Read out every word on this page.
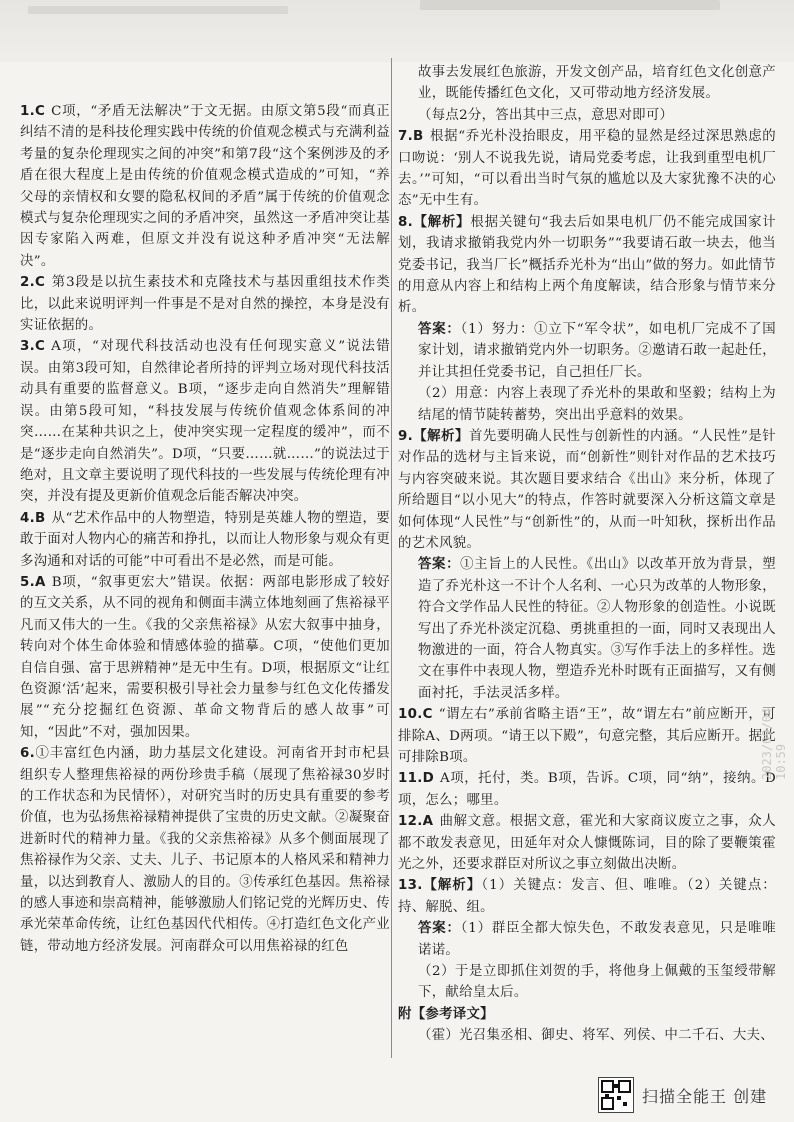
1.C C项，“矛盾无法解决”于文无据。由原文第5段“而真正纠结不清的是科技伦理实践中传统的价值观念模式与充满利益考量的复杂伦理现实之间的冲突”和第7段“这个案例涉及的矛盾在很大程度上是由传统的价值观念模式造成的”可知，“养父母的亲情权和女婴的隐私权间的矛盾”属于传统的价值观念模式与复杂伦理现实之间的矛盾冲突，虽然这一矛盾冲突让基因专家陷入两难，但原文并没有说这种矛盾冲突“无法解决”。

2.C 第3段是以抗生素技术和克隆技术与基因重组技术作类比，以此来说明评判一件事是不是对自然的操控，本身是没有实证依据的。

3.C A项，“对现代科技活动也没有任何现实意义”说法错误。由第3段可知，自然律论者所持的评判立场对现代科技活动具有重要的监督意义。B项，“逐步走向自然消失”理解错误。由第5段可知，“科技发展与传统价值观念体系间的冲突……在某种共识之上，使冲突实现一定程度的缓冲”，而不是“逐步走向自然消失”。D项，“只要……就……”的说法过于绝对，且文章主要说明了现代科技的一些发展与传统伦理有冲突，并没有提及更新价值观念后能否解决冲突。

4.B 从“艺术作品中的人物塑造，特别是英雄人物的塑造，要敢于面对人物内心的痛苦和挣扎，以而让人物形象与观众有更多沟通和对话的可能”中可看出不是必然，而是可能。

5.A B项，“叙事更宏大”错误。依据：两部电影形成了较好的互文关系，从不同的视角和侧面丰满立体地刻画了焦裕禄平凡而又伟大的一生。《我的父亲焦裕禄》从宏大叙事中抽身，转向对个体生命体验和情感体验的描摹。C项，“使他们更加自信自强、富于思辨精神”是无中生有。D项，根据原文“让红色资源‘活’起来，需要积极引导社会力量参与红色文化传播发展”“充分挖掘红色资源、革命文物背后的感人故事”可知，“因此”不对，强加因果。

6.①丰富红色内涵，助力基层文化建设。河南省开封市杞县组织专人整理焦裕禄的两份珍贵手稿（展现了焦裕禄30岁时的工作状态和为民情怀），对研究当时的历史具有重要的参考价值，也为弘扬焦裕禄精神提供了宝贵的历史文献。②凝聚奋进新时代的精神力量。《我的父亲焦裕禄》从多个侧面展现了焦裕禄作为父亲、丈夫、儿子、书记原本的人格风采和精神力量，以达到教育人、激励人的目的。③传承红色基因。焦裕禄的感人事迹和崇高精神，能够激励人们铭记党的光辉历史、传承光荣革命传统，让红色基因代代相传。④打造红色文化产业链，带动地方经济发展。河南群众可以用焦裕禄的红色

故事去发展红色旅游，开发文创产品，培育红色文化创意产业，既能传播红色文化，又可带动地方经济发展。

（每点2分，答出其中三点，意思对即可）

7.B 根据“乔光朴没抬眼皮，用平稳的显然是经过深思熟虑的口吻说：‘别人不说我先说，请局党委考虑，让我到重型电机厂去。’”可知，“可以看出当时气氛的尴尬以及大家犹豫不决的心态”无中生有。

8.【解析】根据关键句“我去后如果电机厂仍不能完成国家计划，我请求撤销我党内外一切职务”“我要请石敢一块去，他当党委书记，我当厂长”概括乔光朴为“出山”做的努力。如此情节的用意从内容上和结构上两个角度解读，结合形象与情节来分析。

答案：（1）努力：①立下“军令状”，如电机厂完成不了国家计划，请求撤销党内外一切职务。②邀请石敢一起赴任，并让其担任党委书记，自己担任厂长。

（2）用意：内容上表现了乔光朴的果敢和坚毅；结构上为结尾的情节陡转蓄势，突出出乎意料的效果。

9.【解析】首先要明确人民性与创新性的内涵。“人民性”是针对作品的选材与主旨来说，而“创新性”则针对作品的艺术技巧与内容突破来说。其次题目要求结合《出山》来分析，体现了所给题目“以小见大”的特点，作答时就要深入分析这篇文章是如何体现“人民性”与“创新性”的，从而一叶知秋，探析出作品的艺术风貌。

答案：①主旨上的人民性。《出山》以改革开放为背景，塑造了乔光朴这一不计个人名利、一心只为改革的人物形象，符合文学作品人民性的特征。②人物形象的创造性。小说既写出了乔光朴淡定沉稳、勇挑重担的一面，同时又表现出人物激进的一面，符合人物真实。③写作手法上的多样性。选文在事件中表现人物，塑造乔光朴时既有正面描写，又有侧面衬托，手法灵活多样。

10.C “谓左右”承前省略主语“王”，故“谓左右”前应断开，可排除A、D两项。“请王以下殿”，句意完整，其后应断开。据此可排除B项。

11.D A项，托付，类。B项，告诉。C项，同“纳”，接纳。D项，怎么；哪里。

12.A 曲解文意。根据文意，霍光和大家商议废立之事，众人都不敢发表意见，田延年对众人慷慨陈词，目的除了要鞭策霍光之外，还要求群臣对所议之事立刻做出决断。

13.【解析】（1）关键点：发言、但、唯唯。（2）关键点：持、解脱、组。

答案：（1）群臣全都大惊失色，不敢发表意见，只是唯唯诺诺。

（2）于是立即抓住刘贺的手，将他身上佩戴的玉玺绶带解下，献给皇太后。

附【参考译文】

（霍）光召集丞相、御史、将军、列侯、中二千石、大夫、

2023/09/04 10:59
扫描全能王 创建
